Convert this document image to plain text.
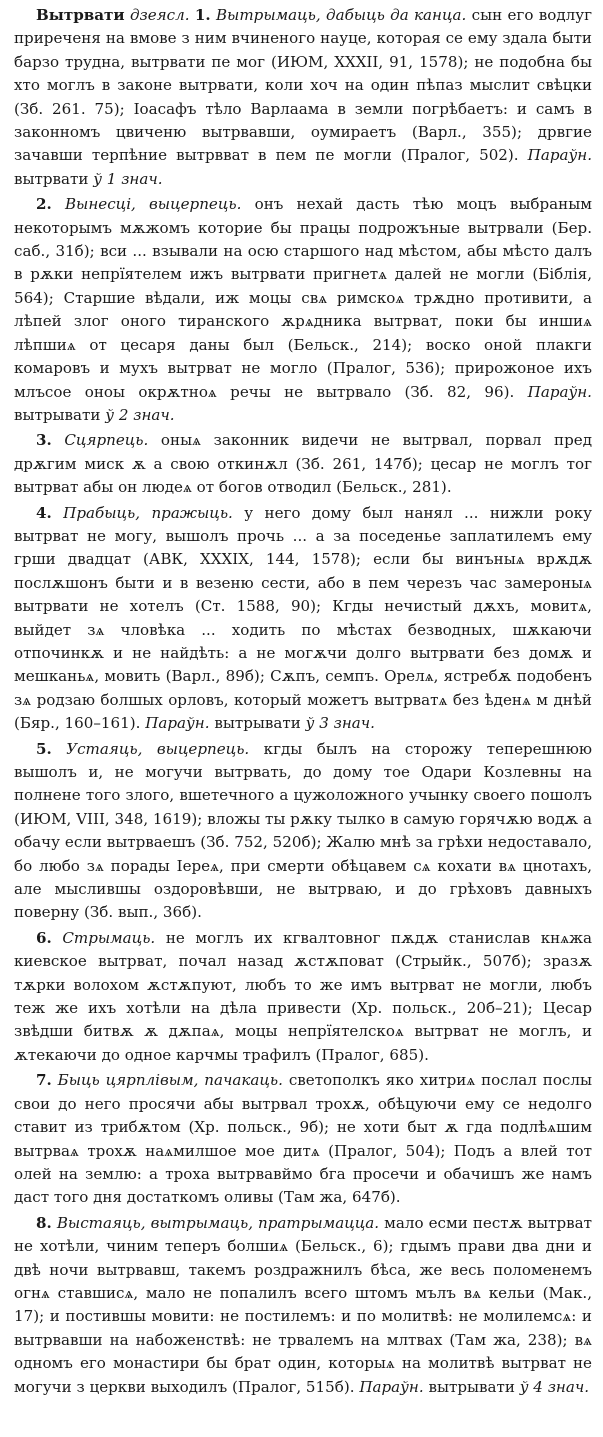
Вытрвати дзеясл. 1. Вытрымаць, дабыць да канца. сын его водлуг приреченя на вмове з ним вчиненого науце, которая се ему здала быти барзо трудна, вытрвати пе мог (ИЮМ, XXXII, 91, 1578); не подобна бы хто моглъ в законе вытрвати, коли хоч на один пѣпаз мыслит свѣцки (Зб. 261. 75); Іоасафъ тѣло Варлаама в земли погрѣбаетъ: и самъ в законномъ цвиченю вытрвавши, оумираетъ (Варл., 355); дрвгие зачавши терпѣние вытрвват в пем пе могли (Пралог, 502). Параўн. вытрвати ў 1 знач.

2. Вынесці, выцерпець. онъ нехай дасть тѣю моцъ выбраным некоторымъ мѫжомъ которие бы працы подрожъные вытрвали (Бер. саб., 31б); вси ... взывали на осю старшого над мѣстом, абы мѣсто далъ в рѫки непрїятелем ижъ вытрвати пригнетѧ далей не могли (Бiблiя, 564); Старшие вѣдали, иж моцы свѧ римскоѧ трѫдно противити, а лѣпей злог оного тиранского ѫрѧдника вытрват, поки бы иншиѧ лѣпшиѧ от цесаря даны был (Бельск., 214); воско оной плакги комаровъ и мухъ вытрват не могло (Пралог, 536); прирожоное ихъ млъсое оноы окрѫтноѧ речы не вытрвало (Зб. 82, 96). Параўн. вытрывати ў 2 знач.

3. Сцярпець. оныѧ законник видечи не вытрвал, порвал пред дрѫгим миск ѫ а свою откинѫл (Зб. 261, 147б); цесар не моглъ тог вытрват абы он людеѧ от богов отводил (Бельск., 281).

4. Прабыць, пражыць. у него дому был нанял ... нижли року вытрват не могу, вышолъ прочь ... а за поседенье заплатилемъ ему грши двадцат (АВК, XXXIX, 144, 1578); если бы винъныѧ врѫдѫ послѫшонъ быти и в везеню сести, або в пем черезъ час замероныѧ вытрвати не хотелъ (Ст. 1588, 90); Кгды нечистый дѫхъ, мовитѧ, выйдет зѧ чловѣка ... ходить по мѣстах безводных, шѫкаючи отпочинкѫ и не найдѣть: а не могѫчи долго вытрвати без домѫ и мешканьѧ, мовить (Варл., 89б); Сѫпъ, семпъ. Орелѧ, ястребѫ подобенъ зѧ родзаю болшых орловъ, который можетъ вытрватѧ без ѣденѧ м днѣй (Бяр., 160–161). Параўн. вытрывати ў 3 знач.

5. Устаяць, выцерпець. кгды былъ на сторожу теперешнюю вышолъ и, не могучи вытрвать, до дому тое Одари Козлевны на полнене того злого, вшетечного а цужоложного учынку своего пошолъ (ИЮМ, VIII, 348, 1619); вложы ты рѫку тылко в самую горячѫю водѫ а обачу если вытрваешъ (Зб. 752, 520б); Жалю мнѣ за грѣхи недоставало, бо любо зѧ порады Iереѧ, при смерти обѣцавем сѧ кохати вѧ цнотахъ, але мыслившы оздоровѣвши, не вытрваю, и до грѣховъ давныхъ поверну (Зб. вып., 36б).

6. Стрымаць. не моглъ их кгвалтовног пѫдѫ станислав кнѧжа киевское вытрват, почал назад ѫстѫповат (Стрыйк., 507б); зразѫ тѫрки волохом ѫстѫпуют, любъ то же имъ вытрват не могли, любъ теж же ихъ хотѣли на дѣла привести (Хр. польск., 20б–21); Цесар звѣдши битвѫ ѫ дѫпаѧ, моцы непрїятелскоѧ вытрват не моглъ, и ѫтекаючи до одное карчмы трафилъ (Пралог, 685).

7. Быць цярплівым, пачакаць. светополкъ яко хитриѧ послал послы свои до него просячи абы вытрвал трохѫ, обѣцуючи ему се недолго ставит из трибѫтом (Хр. польск., 9б); не хоти быт ѫ гда подлѣѧшим вытрваѧ трохѫ наѧмилшое мое дитѧ (Пралог, 504); Подъ а влей тот олей на землю: а троха вытрвавймо бга просечи и обачишъ же намъ даст того дня достаткомъ оливы (Там жа, 647б).

8. Выстаяць, вытрымаць, пратрымацца. мало есми пестѫ вытрват не хотѣли, чиним теперъ болшиѧ (Бельск., 6); гдымъ прави два дни и двѣ ночи вытрвавш, такемъ роздражнилъ бѣса, же весь поломенемъ огнѧ ставшисѧ, мало не попалилъ всего штомъ мълъ вѧ кельи (Мак., 17); и постившы мовити: не постилемъ: и по молитвѣ: не молилемсѧ: и вытрвавши на набоженствѣ: не трвалемъ на млтвах (Там жа, 238); вѧ одномъ его монастири бы брат один, которыѧ на молитвѣ вытрват не могучи з церкви выходилъ (Пралог, 515б). Параўн. вытрывати ў 4 знач.
